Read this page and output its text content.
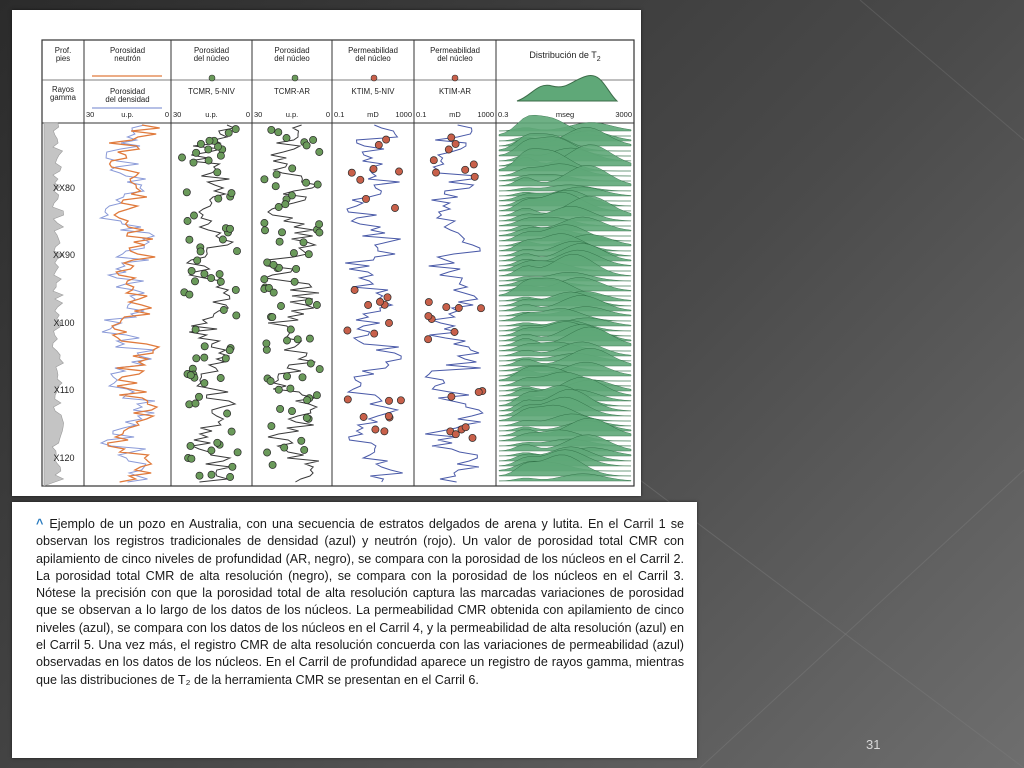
Prof.
pies
Rayos
gamma
Porosidad
neutrón
Porosidad
del densidad
30	u.p.	0
Porosidad
del núcleo
TCMR, 5-NIV
30	u.p.	0
Porosidad
del núcleo
TCMR-AR
30	u.p.	0
Permeabilidad
del núcleo
KTIM, 5-NIV
0.1	mD 1000
Permeabilidad
del núcleo
KTIM-AR
0.1	mD 1000
Distribución de $T_2$
0.3	mseg	3000
XX80
XX90
X100
X110
X120
^ Ejemplo de un pozo en Australia, con una secuencia de estratos delgados de arena y lutita. En el Carril 1 se observan los registros tradicionales de densidad (azul) y neutrón (rojo). Un valor de porosidad total CMR con apilamiento de cinco niveles de profundidad (AR, negro), se compara con la porosidad de los núcleos en el Carril 2. La porosidad total CMR de alta resolución (negro), se compara con la porosidad de los núcleos en el Carril 3. Nótese la precisión con que la porosidad total de alta resolución captura las marcadas variaciones de porosidad que se observan a lo largo de los datos de los núcleos. La permeabilidad CMR obtenida con apilamiento de cinco niveles (azul), se compara con los datos de los núcleos en el Carril 4, y la permeabilidad de alta resolución (azul) en el Carril 5. Una vez más, el registro CMR de alta resolución concuerda con las variaciones de permeabilidad (azul) observadas en los datos de los núcleos. En el Carril de profundidad aparece un registro de rayos gamma, mientras que las distribuciones de T₂ de la herramienta CMR se presentan en el Carril 6.
31
